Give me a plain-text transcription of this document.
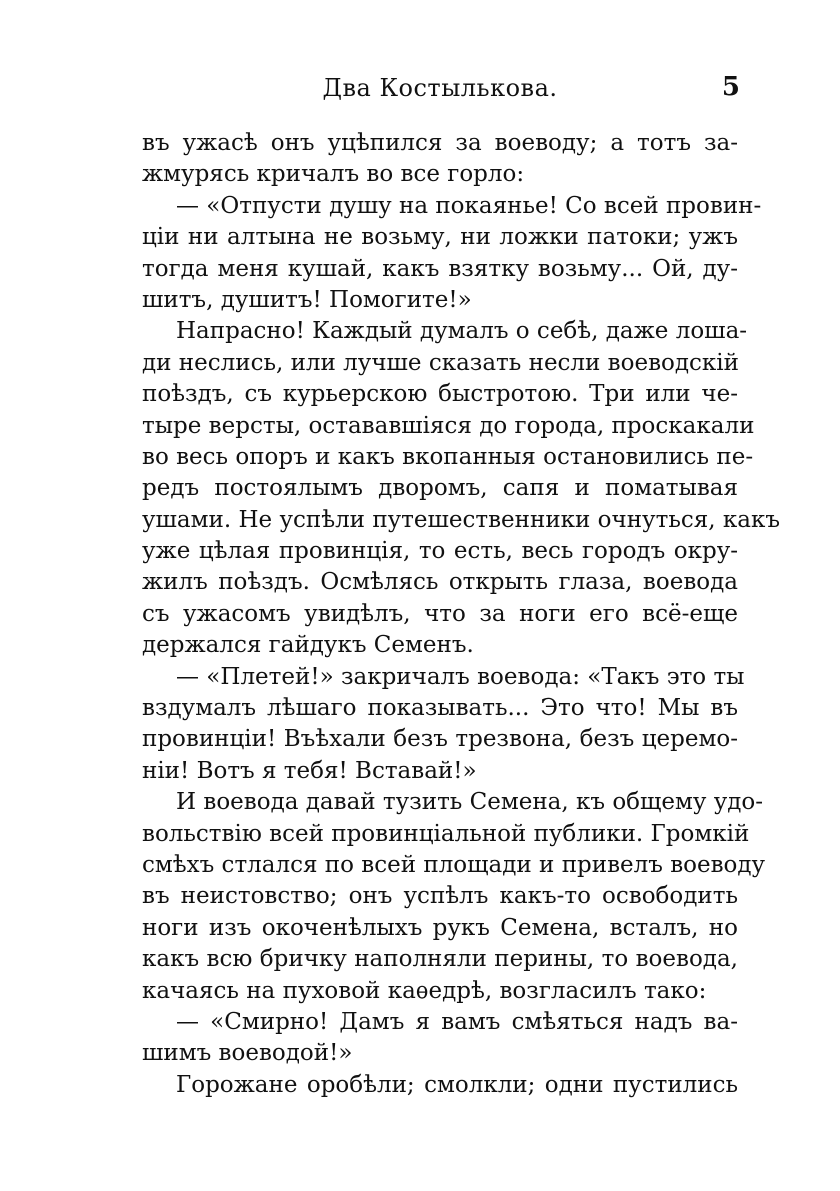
Два Костылькова.	5
въ ужасѣ онъ уцѣпился за воеводу; а тотъ за-
жмурясь кричалъ во все горло:
— «Отпусти душу на покаянье! Со всей провин-
ціи ни алтына не возьму, ни ложки патоки; ужъ
тогда меня кушай, какъ взятку возьму... Ой, ду-
шитъ, душитъ! Помогите!»
Напрасно! Каждый думалъ о себѣ, даже лоша-
ди неслись, или лучше сказать несли воеводскій
поѣздъ, съ курьерскою быстротою. Три или че-
тыре версты, остававшіяся до города, проскакали
во весь опоръ и какъ вкопанныя остановились пе-
редъ постоялымъ дворомъ, сапя и поматывая
ушами. Не успѣли путешественники очнуться, какъ
уже цѣлая провинція, то есть, весь городъ окру-
жилъ поѣздъ. Осмѣлясь открыть глаза, воевода
съ ужасомъ увидѣлъ, что за ноги его всё-еще
держался гайдукъ Семенъ.
— «Плетей!» закричалъ воевода: «Такъ это ты
вздумалъ лѣшаго показывать... Это что! Мы въ
провинціи! Въѣхали безъ трезвона, безъ церемо-
ніи! Вотъ я тебя! Вставай!»
И воевода давай тузить Семена, къ общему удо-
вольствію всей провинціальной публики. Громкій
смѣхъ стлался по всей площади и привелъ воеводу
въ неистовство; онъ успѣлъ какъ-то освободить
ноги изъ окоченѣлыхъ рукъ Семена, всталъ, но
какъ всю бричку наполняли перины, то воевода,
качаясь на пуховой каѳедрѣ, возгласилъ тако:
— «Смирно! Дамъ я вамъ смѣяться надъ ва-
шимъ воеводой!»
Горожане оробѣли; смолкли; одни пустились
